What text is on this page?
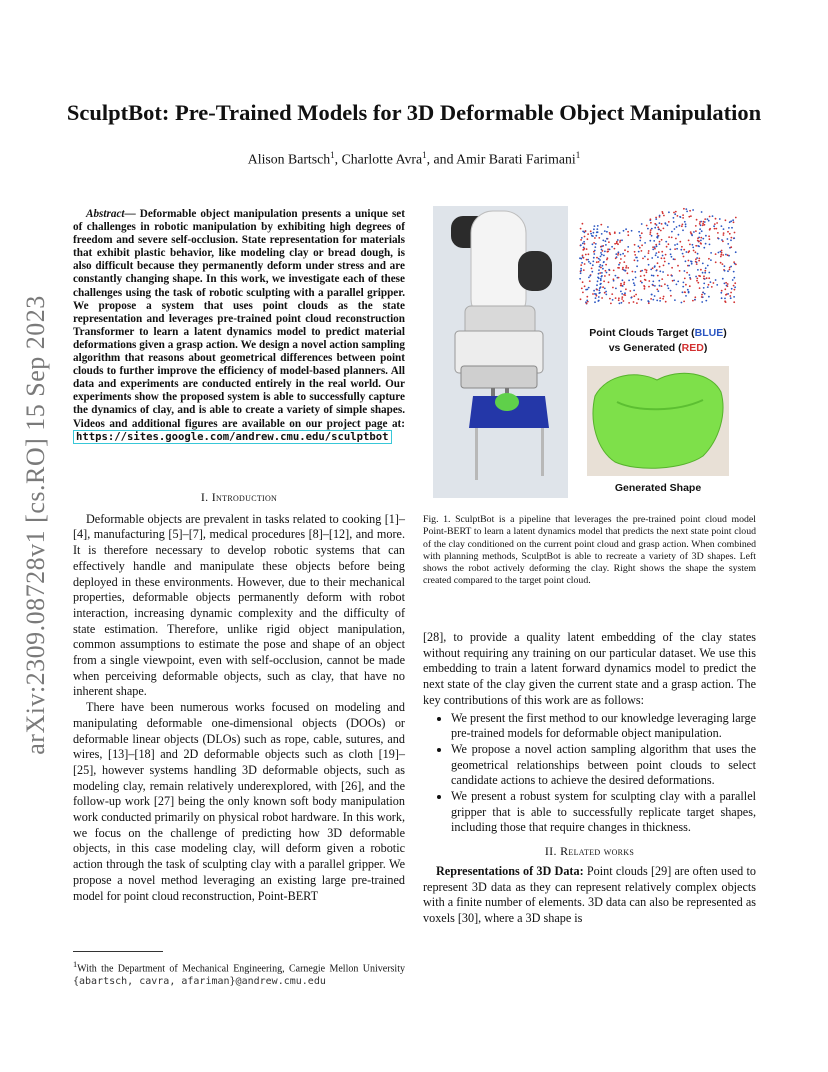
arXiv:2309.08728v1 [cs.RO] 15 Sep 2023
SculptBot: Pre-Trained Models for 3D Deformable Object Manipulation
Alison Bartsch$^1$, Charlotte Avra$^1$, and Amir Barati Farimani$^1$
Abstract— Deformable object manipulation presents a unique set of challenges in robotic manipulation by exhibiting high degrees of freedom and severe self-occlusion. State representation for materials that exhibit plastic behavior, like modeling clay or bread dough, is also difficult because they permanently deform under stress and are constantly changing shape. In this work, we investigate each of these challenges using the task of robotic sculpting with a parallel gripper. We propose a system that uses point clouds as the state representation and leverages pre-trained point cloud reconstruction Transformer to learn a latent dynamics model to predict material deformations given a grasp action. We design a novel action sampling algorithm that reasons about geometrical differences between point clouds to further improve the efficiency of model-based planners. All data and experiments are conducted entirely in the real world. Our experiments show the proposed system is able to successfully capture the dynamics of clay, and is able to create a variety of simple shapes. Videos and additional figures are available on our project page at: https://sites.google.com/andrew.cmu.edu/sculptbot
I. Introduction

Deformable objects are prevalent in tasks related to cooking [1]–[4], manufacturing [5]–[7], medical procedures [8]–[12], and more. It is therefore necessary to develop robotic systems that can effectively handle and manipulate these objects before being deployed in these environments. However, due to their mechanical properties, deformable objects permanently deform with robot interaction, increasing dynamic complexity and the difficulty of state estimation. Therefore, unlike rigid object manipulation, common assumptions to estimate the pose and shape of an object from a single viewpoint, even with self-occlusion, cannot be made when perceiving deformable objects, such as clay, that have no inherent shape.

There have been numerous works focused on modeling and manipulating deformable one-dimensional objects (DOOs) or deformable linear objects (DLOs) such as rope, cable, sutures, and wires, [13]–[18] and 2D deformable objects such as cloth [19]–[25], however systems handling 3D deformable objects, such as modeling clay, remain relatively underexplored, with [26], and the follow-up work [27] being the only known soft body manipulation work conducted primarily on physical robot hardware. In this work, we focus on the challenge of predicting how 3D deformable objects, in this case modeling clay, will deform given a robotic action through the task of sculpting clay with a parallel gripper. We propose a novel method leveraging an existing large pre-trained model for point cloud reconstruction, Point-BERT

$^1$With the Department of Mechanical Engineering, Carnegie Mellon University {abartsch, cavra, afariman}@andrew.cmu.edu
Point Clouds Target (BLUE)
vs Generated (RED)
Generated Shape
Fig. 1. SculptBot is a pipeline that leverages the pre-trained point cloud model Point-BERT to learn a latent dynamics model that predicts the next state point cloud of the clay conditioned on the current point cloud and grasp action. When combined with planning methods, SculptBot is able to recreate a variety of 3D shapes. Left shows the robot actively deforming the clay. Right shows the shape the system created compared to the target point cloud.

[28], to provide a quality latent embedding of the clay states without requiring any training on our particular dataset. We use this embedding to train a latent forward dynamics model to predict the next state of the clay given the current state and a grasp action. The key contributions of this work are as follows:

• We present the first method to our knowledge leveraging large pre-trained models for deformable object manipulation.
• We propose a novel action sampling algorithm that uses the geometrical relationships between point clouds to select candidate actions to achieve the desired deformations.
• We present a robust system for sculpting clay with a parallel gripper that is able to successfully replicate target shapes, including those that require changes in thickness.
II. Related works

Representations of 3D Data: Point clouds [29] are often used to represent 3D data as they can represent relatively complex objects with a finite number of elements. 3D data can also be represented as voxels [30], where a 3D shape is
